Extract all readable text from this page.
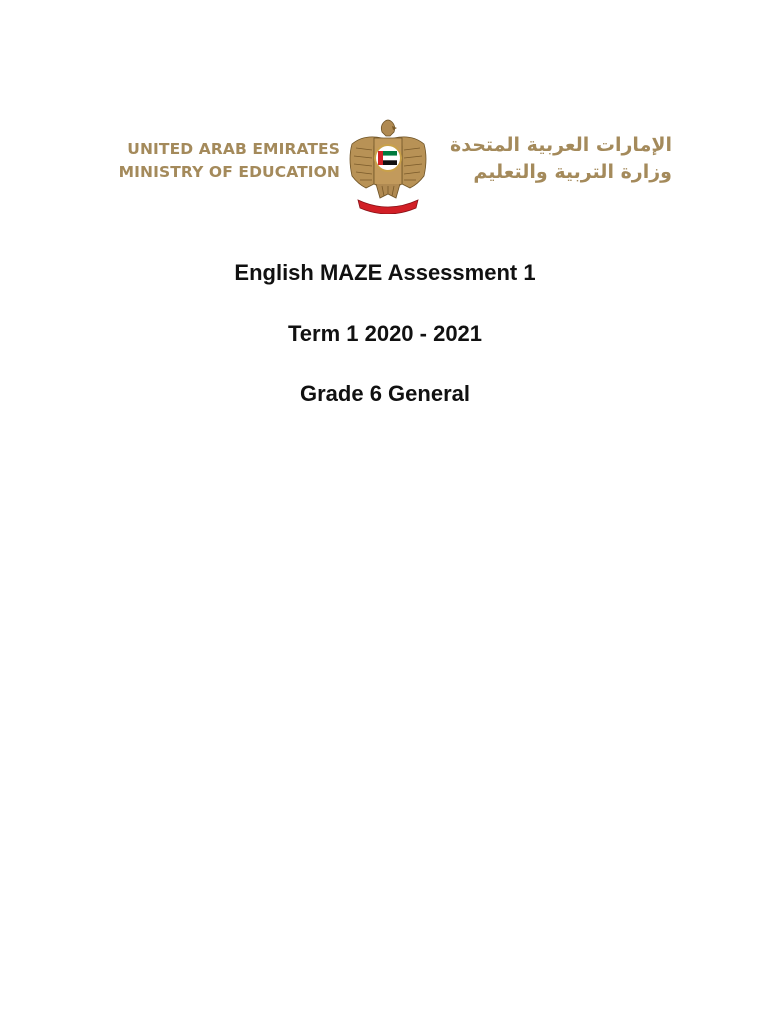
UNITED ARAB EMIRATES
MINISTRY OF EDUCATION
الإمارات العربية المتحدة
وزارة التربية والتعليم
English MAZE Assessment 1
Term 1 2020 - 2021
Grade 6 General
